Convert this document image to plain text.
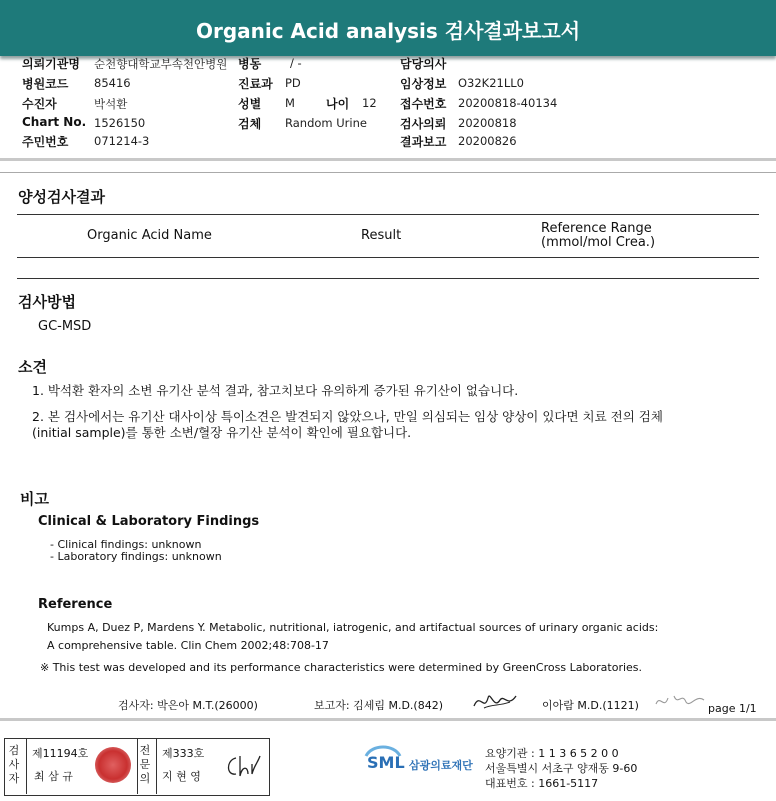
Organic Acid analysis 검사결과보고서
의뢰기관명 순천향대학교부속천안병원 병동	/ -	담당의사
병원코드 85416	진료과 PD	임상정보 O32K21LL0
수진자	박석환	성별 M	나이 12 접수번호 20200818-40134
Chart No. 1526150	검체 Random Urine	검사의뢰 20200818
주민번호 071214-3	결과보고 20200826
양성검사결과
Organic Acid Name	Result	Reference Range
(mmol/mol Crea.)
검사방법
GC-MSD
소견
1. 박석환 환자의 소변 유기산 분석 결과, 참고치보다 유의하게 증가된 유기산이 없습니다.
2. 본 검사에서는 유기산 대사이상 특이소견은 발견되지 않았으나, 만일 의심되는 임상 양상이 있다면 치료 전의 검체
(initial sample)를 통한 소변/혈장 유기산 분석이 확인에 필요합니다.
비고
Clinical & Laboratory Findings
- Clinical findings: unknown
- Laboratory findings: unknown
Reference
Kumps A, Duez P, Mardens Y. Metabolic, nutritional, iatrogenic, and artifactual sources of urinary organic acids:
A comprehensive table. Clin Chem 2002;48:708-17
※ This test was developed and its performance characteristics were determined by GreenCross Laboratories.
검사자: 박은아 M.T.(26000)	보고자: 김세림 M.D.(842)	이아람 M.D.(1121)	page 1/1
검사자
제11194호
최 삼 규
전문의
제333호
지 현 영
SML 삼광의료재단
요양기관 : 1 1 3 6 5 2 0 0
서울특별시 서초구 양재동 9-60
대표번호 : 1661-5117
